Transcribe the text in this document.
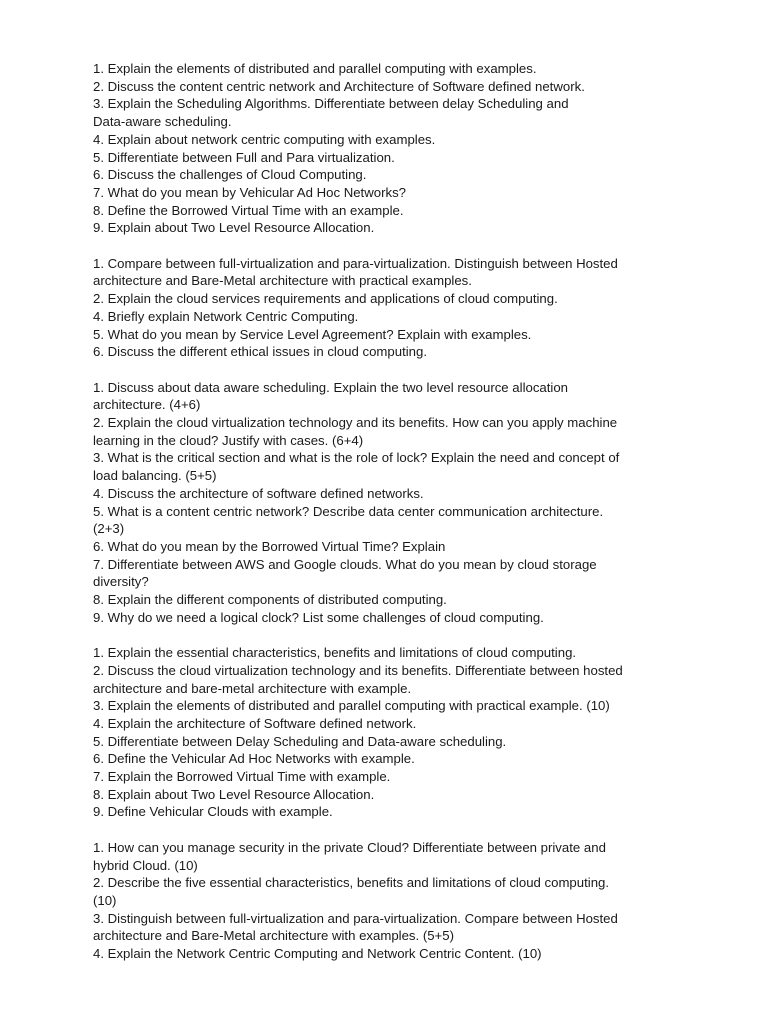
1. Explain the elements of distributed and parallel computing with examples.
2. Discuss the content centric network and Architecture of Software defined network.
3. Explain the Scheduling Algorithms. Differentiate between delay Scheduling and
Data-aware scheduling.
4. Explain about network centric computing with examples.
5. Differentiate between Full and Para virtualization.
6. Discuss the challenges of Cloud Computing.
7. What do you mean by Vehicular Ad Hoc Networks?
8. Define the Borrowed Virtual Time with an example.
9. Explain about Two Level Resource Allocation.
1. Compare between full-virtualization and para-virtualization. Distinguish between Hosted
architecture and Bare-Metal architecture with practical examples.
2. Explain the cloud services requirements and applications of cloud computing.
4. Briefly explain Network Centric Computing.
5. What do you mean by Service Level Agreement? Explain with examples.
6. Discuss the different ethical issues in cloud computing.
1. Discuss about data aware scheduling. Explain the two level resource allocation
architecture. (4+6)
2. Explain the cloud virtualization technology and its benefits. How can you apply machine
learning in the cloud? Justify with cases. (6+4)
3. What is the critical section and what is the role of lock? Explain the need and concept of
load balancing. (5+5)
4. Discuss the architecture of software defined networks.
5. What is a content centric network? Describe data center communication architecture.
(2+3)
6. What do you mean by the Borrowed Virtual Time? Explain
7. Differentiate between AWS and Google clouds. What do you mean by cloud storage
diversity?
8. Explain the different components of distributed computing.
9. Why do we need a logical clock? List some challenges of cloud computing.
1. Explain the essential characteristics, benefits and limitations of cloud computing.
2. Discuss the cloud virtualization technology and its benefits. Differentiate between hosted
architecture and bare-metal architecture with example.
3. Explain the elements of distributed and parallel computing with practical example. (10)
4. Explain the architecture of Software defined network.
5. Differentiate between Delay Scheduling and Data-aware scheduling.
6. Define the Vehicular Ad Hoc Networks with example.
7. Explain the Borrowed Virtual Time with example.
8. Explain about Two Level Resource Allocation.
9. Define Vehicular Clouds with example.
1. How can you manage security in the private Cloud? Differentiate between private and
hybrid Cloud. (10)
2. Describe the five essential characteristics, benefits and limitations of cloud computing.
(10)
3. Distinguish between full-virtualization and para-virtualization. Compare between Hosted
architecture and Bare-Metal architecture with examples. (5+5)
4. Explain the Network Centric Computing and Network Centric Content. (10)
